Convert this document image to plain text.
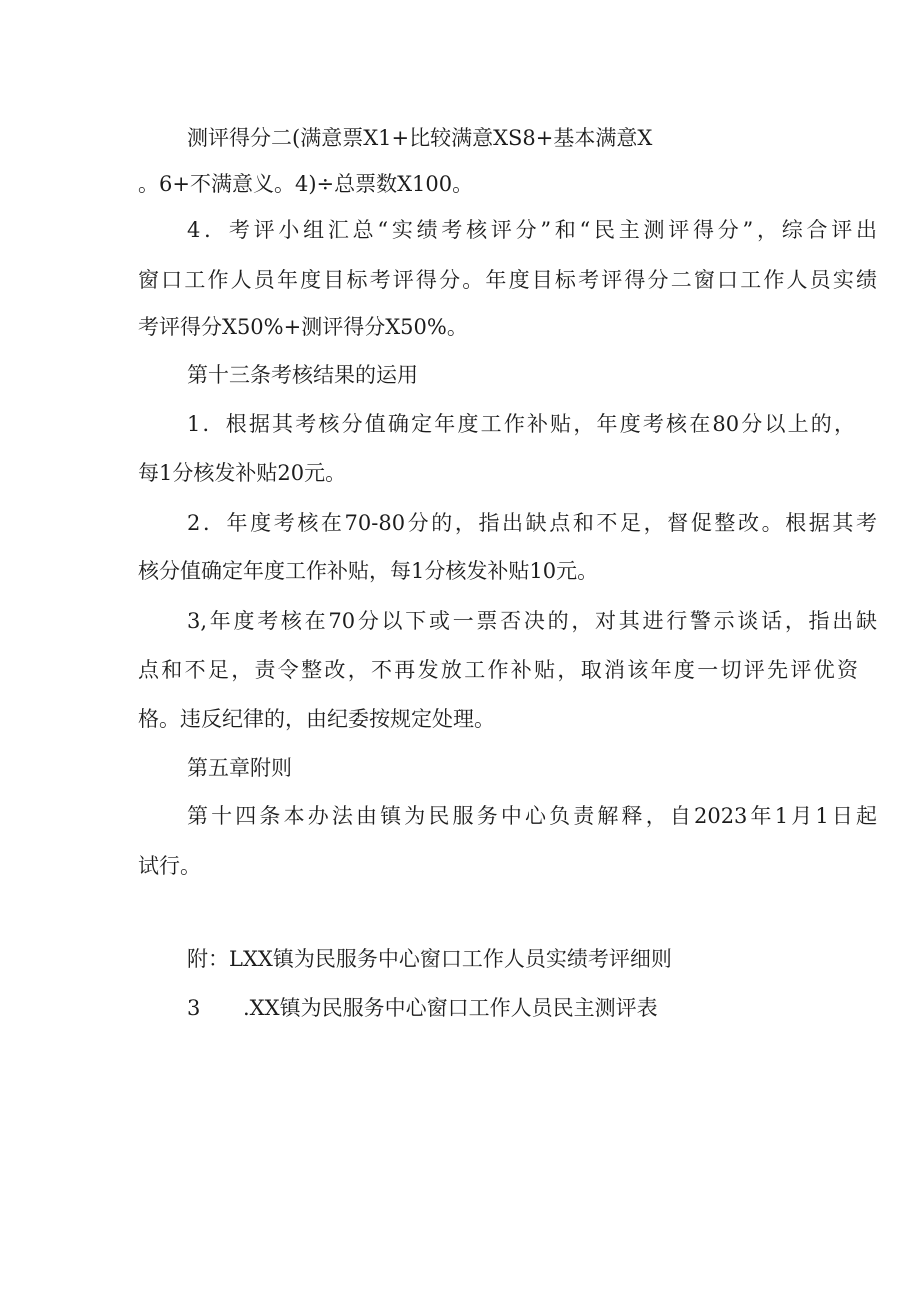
测评得分二(满意票X1+比较满意XS8+基本满意X
。6+不满意义。4)÷总票数X100。
4．考评小组汇总“实绩考核评分”和“民主测评得分”，综合评出
窗口工作人员年度目标考评得分。年度目标考评得分二窗口工作人员实绩
考评得分X50%+测评得分X50%。
第十三条考核结果的运用
1．根据其考核分值确定年度工作补贴，年度考核在80分以上的，
每1分核发补贴20元。
2．年度考核在70-80分的，指出缺点和不足，督促整改。根据其考
核分值确定年度工作补贴，每1分核发补贴10元。
3,年度考核在70分以下或一票否决的，对其进行警示谈话，指出缺
点和不足，责令整改，不再发放工作补贴，取消该年度一切评先评优资
格。违反纪律的，由纪委按规定处理。
第五章附则
第十四条本办法由镇为民服务中心负责解释，自2023年1月1日起
试行。
附：LXX镇为民服务中心窗口工作人员实绩考评细则
3 .XX镇为民服务中心窗口工作人员民主测评表
